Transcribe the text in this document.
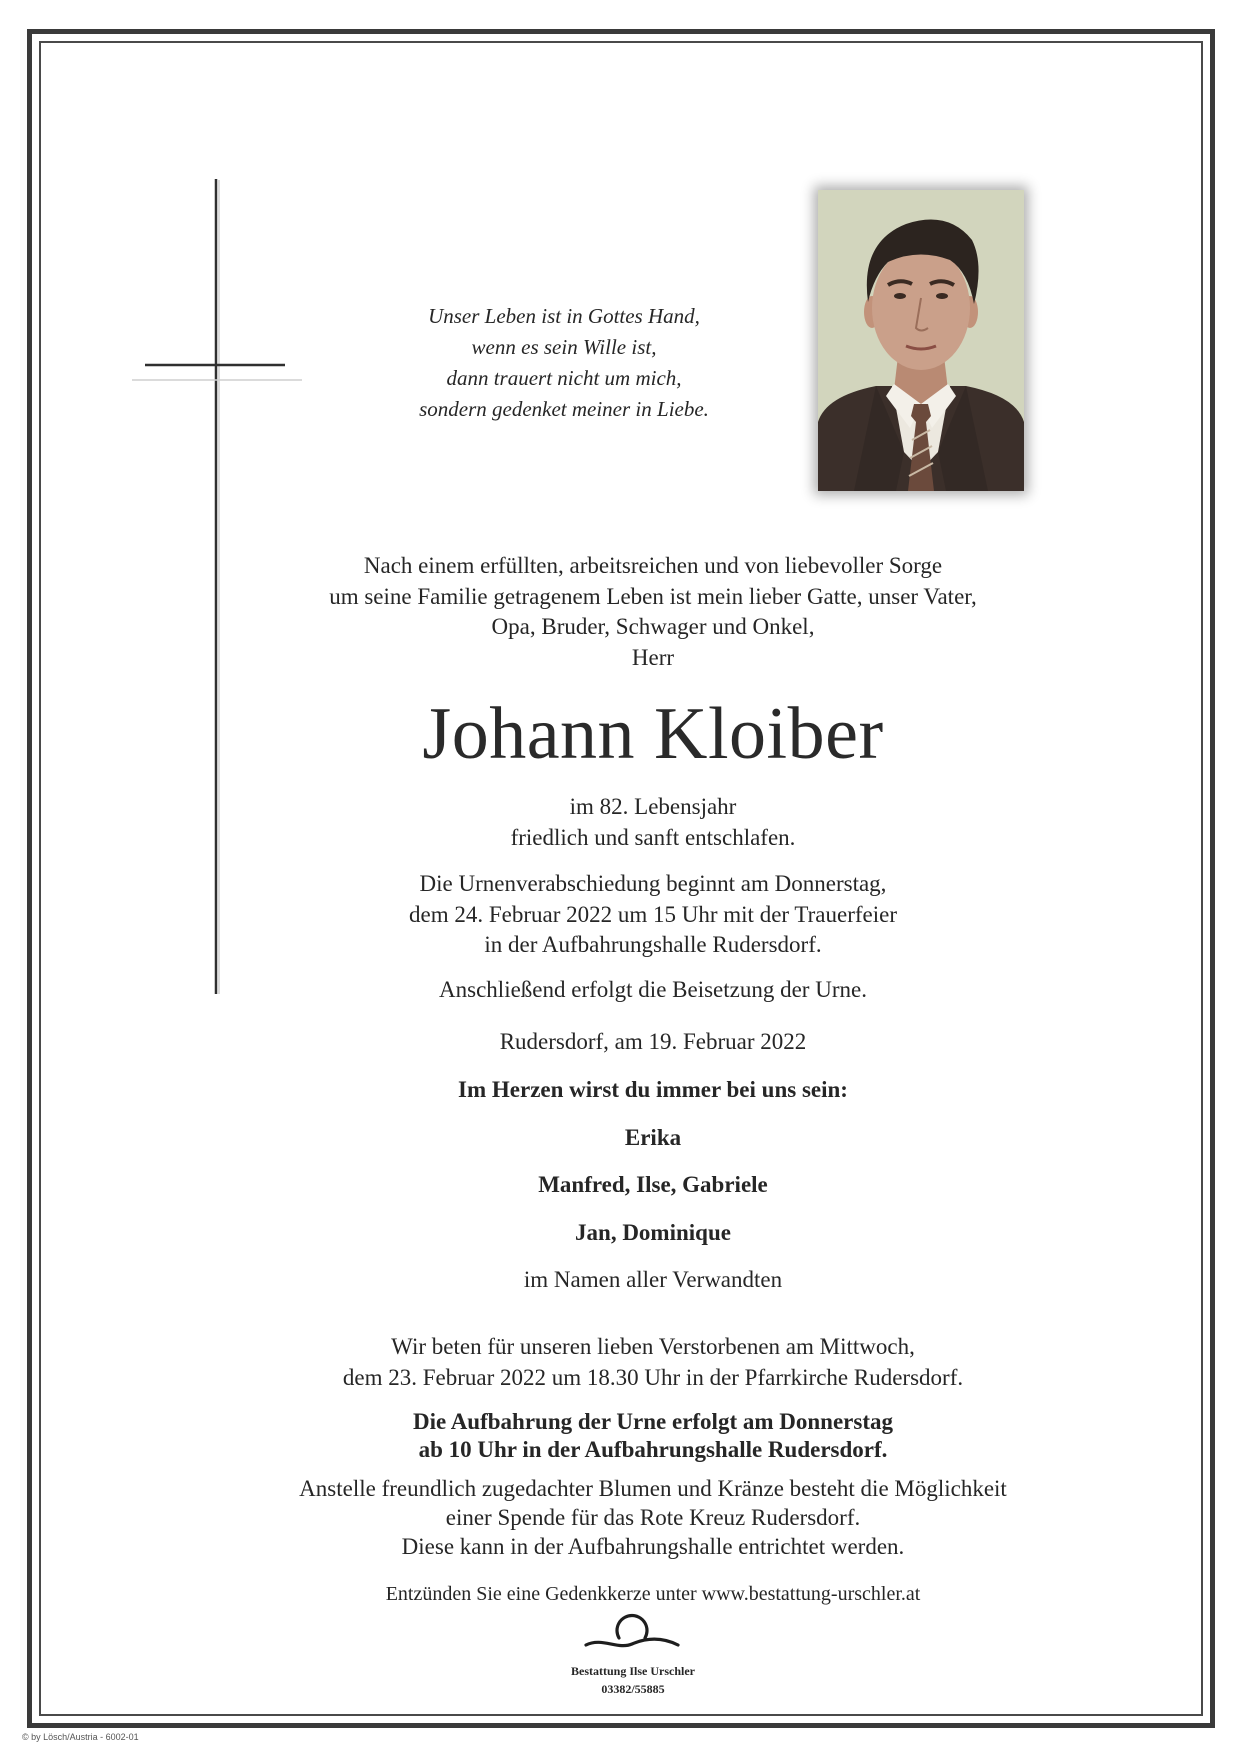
Unser Leben ist in Gottes Hand,
wenn es sein Wille ist,
dann trauert nicht um mich,
sondern gedenket meiner in Liebe.
Nach einem erfüllten, arbeitsreichen und von liebevoller Sorge
um seine Familie getragenem Leben ist mein lieber Gatte, unser Vater,
Opa, Bruder, Schwager und Onkel,
Herr
Johann Kloiber
im 82. Lebensjahr
friedlich und sanft entschlafen.
Die Urnenverabschiedung beginnt am Donnerstag,
dem 24. Februar 2022 um 15 Uhr mit der Trauerfeier
in der Aufbahrungshalle Rudersdorf.
Anschließend erfolgt die Beisetzung der Urne.
Rudersdorf, am 19. Februar 2022
Im Herzen wirst du immer bei uns sein:
Erika
Manfred, Ilse, Gabriele
Jan, Dominique
im Namen aller Verwandten
Wir beten für unseren lieben Verstorbenen am Mittwoch,
dem 23. Februar 2022 um 18.30 Uhr in der Pfarrkirche Rudersdorf.
Die Aufbahrung der Urne erfolgt am Donnerstag
ab 10 Uhr in der Aufbahrungshalle Rudersdorf.
Anstelle freundlich zugedachter Blumen und Kränze besteht die Möglichkeit
einer Spende für das Rote Kreuz Rudersdorf.
Diese kann in der Aufbahrungshalle entrichtet werden.
Entzünden Sie eine Gedenkkerze unter www.bestattung-urschler.at
Bestattung Ilse Urschler
03382/55885
© by Lösch/Austria - 6002-01
